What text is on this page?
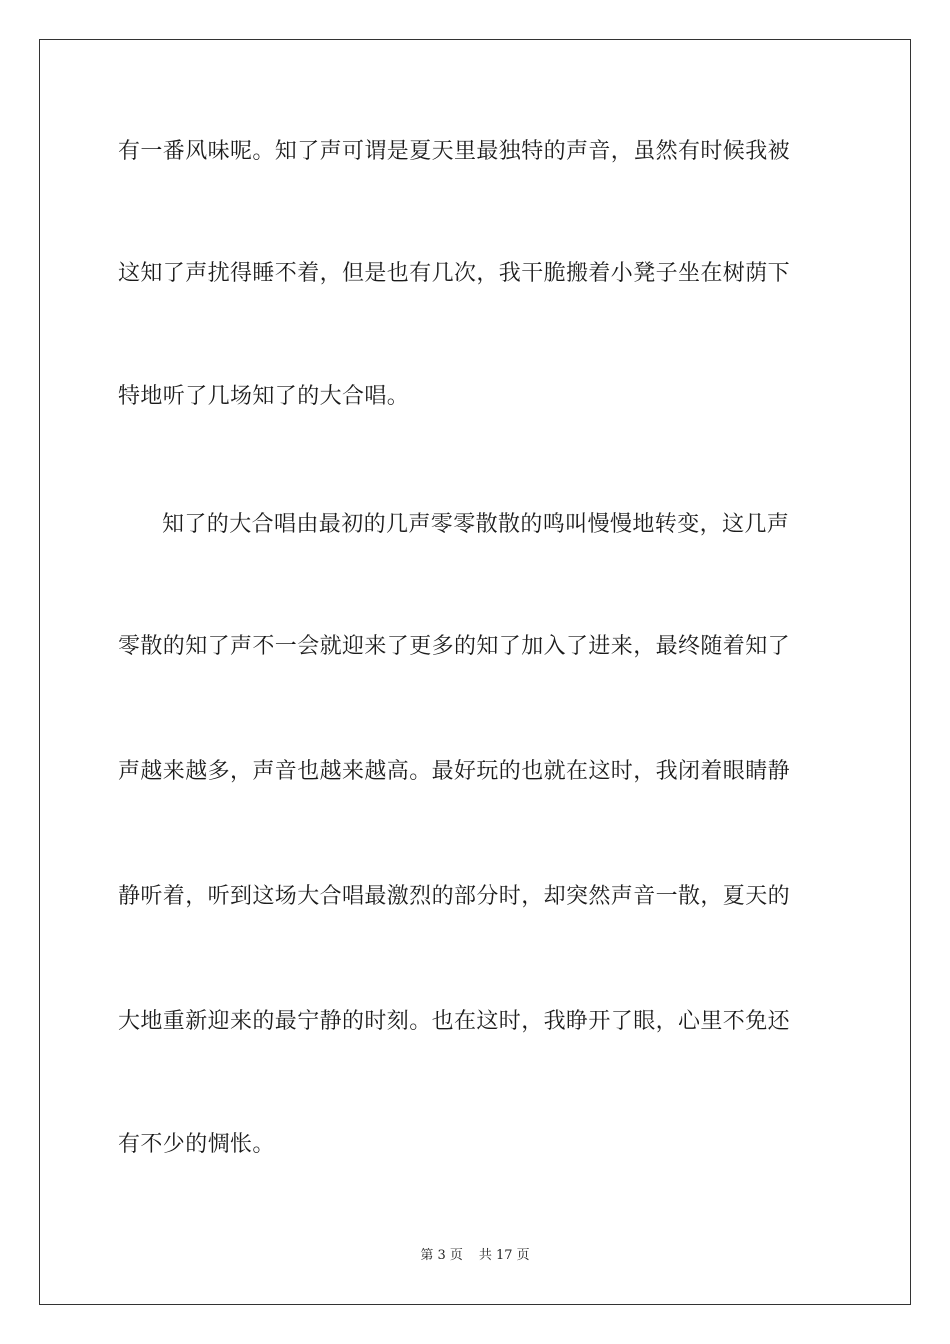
有一番风味呢。知了声可谓是夏天里最独特的声音，虽然有时候我被
这知了声扰得睡不着，但是也有几次，我干脆搬着小凳子坐在树荫下
特地听了几场知了的大合唱。
知了的大合唱由最初的几声零零散散的鸣叫慢慢地转变，这几声
零散的知了声不一会就迎来了更多的知了加入了进来，最终随着知了
声越来越多，声音也越来越高。最好玩的也就在这时，我闭着眼睛静
静听着，听到这场大合唱最激烈的部分时，却突然声音一散，夏天的
大地重新迎来的最宁静的时刻。也在这时，我睁开了眼，心里不免还
有不少的惆怅。
第 3 页 共 17 页
